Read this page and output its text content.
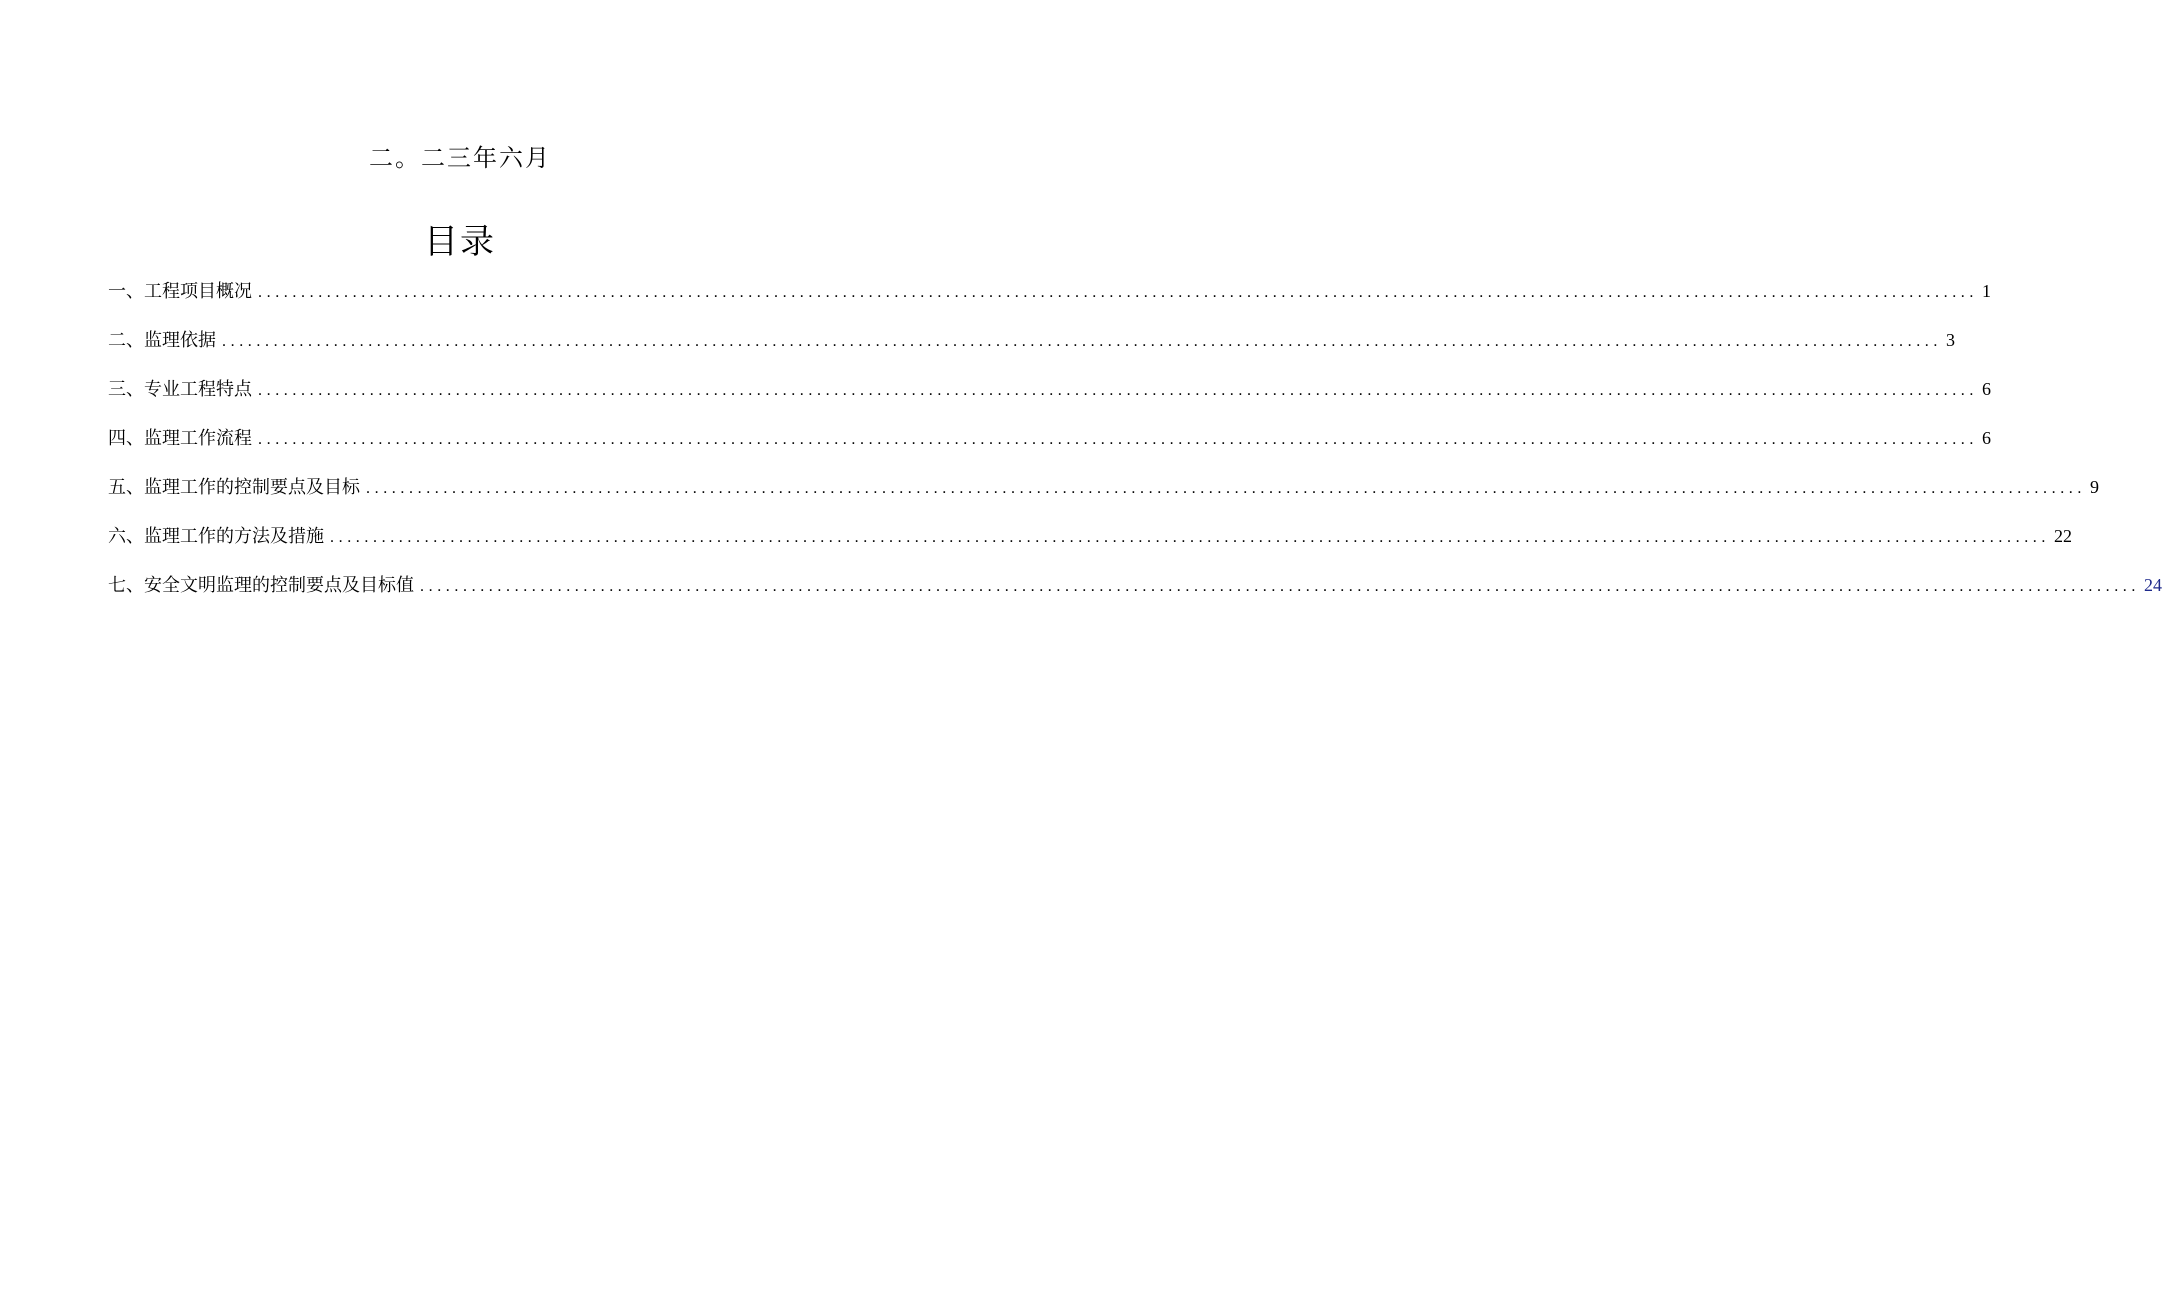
二。二三年六月
目录
一、工程项目概况 ........................................................................................................................................................................................................ 1
二、监理依据 ........................................................................................................................................................................................................ 3
三、专业工程特点 ........................................................................................................................................................................................................ 6
四、监理工作流程 ........................................................................................................................................................................................................ 6
五、监理工作的控制要点及目标 ........................................................................................................................................................................................................ 9
六、监理工作的方法及措施 ........................................................................................................................................................................................................ 22
七、安全文明监理的控制要点及目标值 ........................................................................................................................................................................................................ 24
